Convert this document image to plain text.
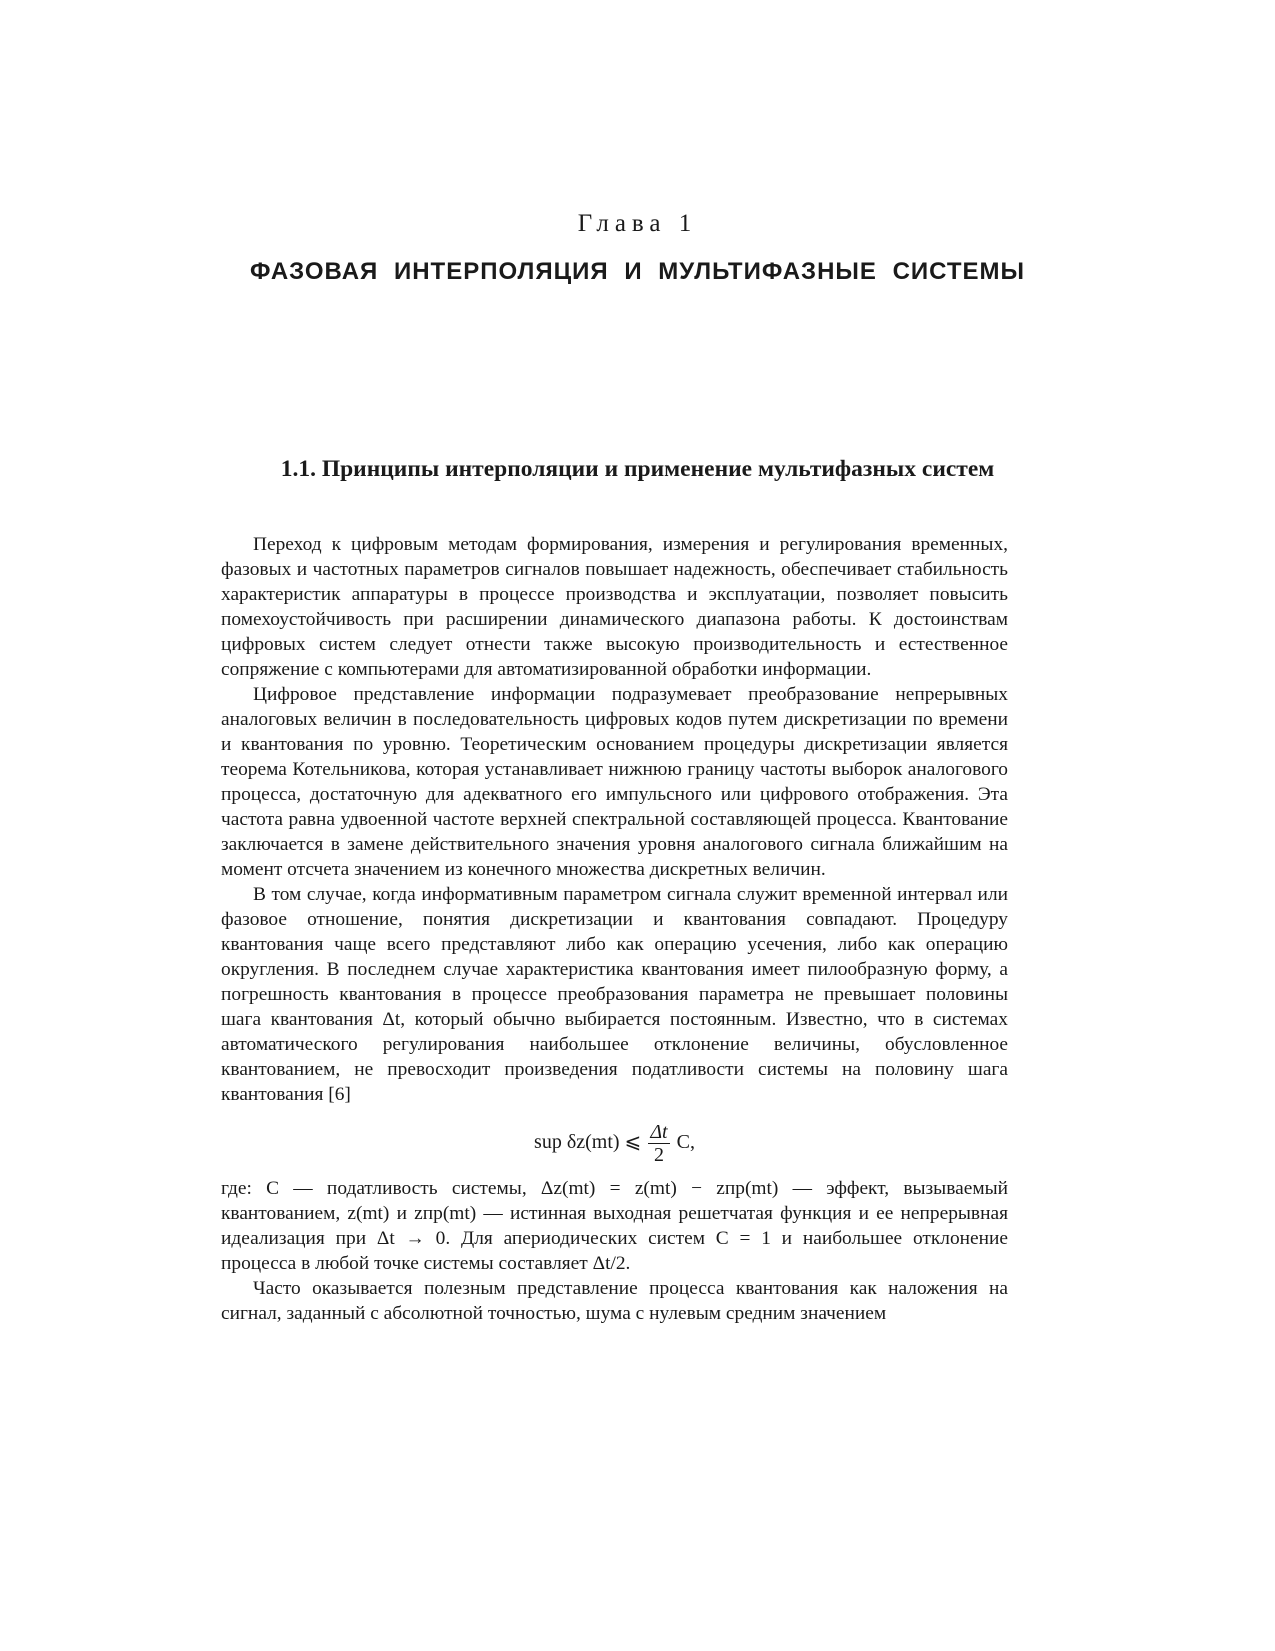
Глава 1
ФАЗОВАЯ ИНТЕРПОЛЯЦИЯ И МУЛЬТИФАЗНЫЕ СИСТЕМЫ
1.1. Принципы интерполяции и применение мультифазных систем

Переход к цифровым методам формирования, измерения и регулирования временных, фазовых и частотных параметров сигналов повышает надежность, обеспечивает стабильность характеристик аппаратуры в процессе производства и эксплуатации, позволяет повысить помехоустойчивость при расширении динамического диапазона работы. К достоинствам цифровых систем следует отнести также высокую производительность и естественное сопряжение с компьютерами для автоматизированной обработки информации.

Цифровое представление информации подразумевает преобразование непрерывных аналоговых величин в последовательность цифровых кодов путем дискретизации по времени и квантования по уровню. Теоретическим основанием процедуры дискретизации является теорема Котельникова, которая устанавливает нижнюю границу частоты выборок аналогового процесса, достаточную для адекватного его импульсного или цифрового отображения. Эта частота равна удвоенной частоте верхней спектральной составляющей процесса. Квантование заключается в замене действительного значения уровня аналогового сигнала ближайшим на момент отсчета значением из конечного множества дискретных величин.

В том случае, когда информативным параметром сигнала служит временной интервал или фазовое отношение, понятия дискретизации и квантования совпадают. Процедуру квантования чаще всего представляют либо как операцию усечения, либо как операцию округления. В последнем случае характеристика квантования имеет пилообразную форму, а погрешность квантования в процессе преобразования параметра не превышает половины шага квантования Δt, который обычно выбирается постоянным. Известно, что в системах автоматического регулирования наибольшее отклонение величины, обусловленное квантованием, не превосходит произведения податливости системы на половину шага квантования [6]

sup δz(mt) ⩽ $\frac{\Delta t}{2} C$,

где: C — податливость системы, Δz(mt) = z(mt) − zпр(mt) — эффект, вызываемый квантованием, z(mt) и zпр(mt) — истинная выходная решетчатая функция и ее непрерывная идеализация при Δt → 0. Для апериодических систем C = 1 и наибольшее отклонение процесса в любой точке системы составляет Δt/2.

Часто оказывается полезным представление процесса квантования как наложения на сигнал, заданный с абсолютной точностью, шума с нулевым средним значением
